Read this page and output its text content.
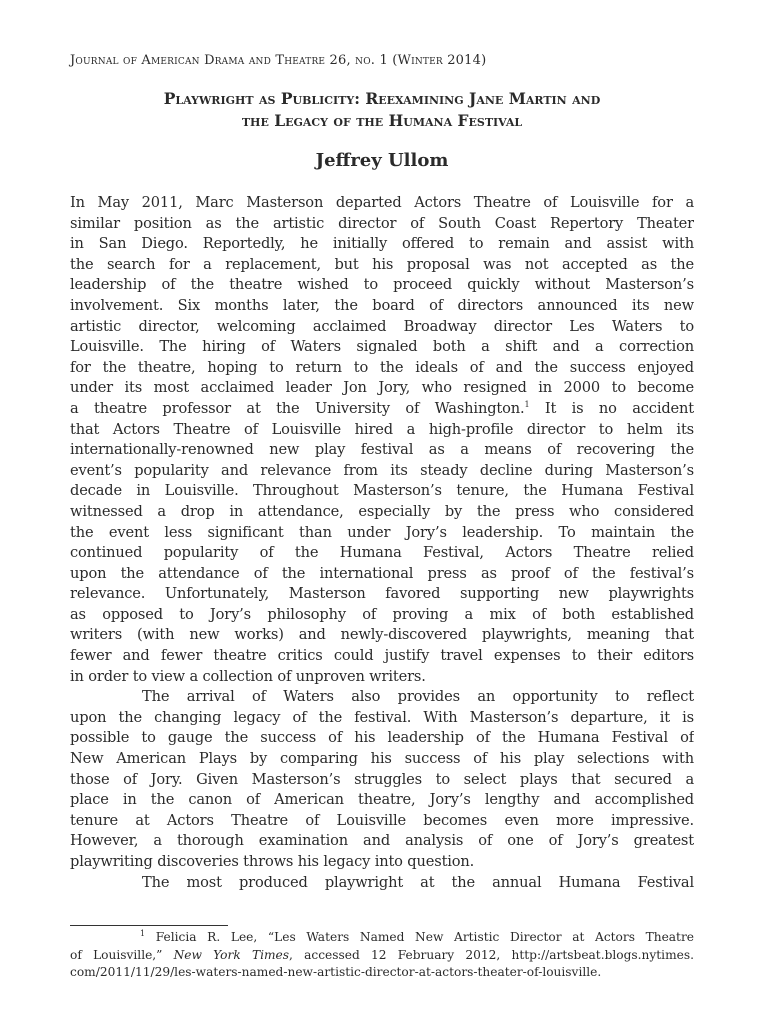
Journal of American Drama and Theatre 26, no. 1 (Winter 2014)
Playwright as Publicity: Reexamining Jane Martin and
the Legacy of the Humana Festival
Jeffrey Ullom
In May 2011, Marc Masterson departed Actors Theatre of Louisville for a
similar position as the artistic director of South Coast Repertory Theater
in San Diego. Reportedly, he initially offered to remain and assist with
the search for a replacement, but his proposal was not accepted as the
leadership of the theatre wished to proceed quickly without Masterson’s
involvement. Six months later, the board of directors announced its new
artistic director, welcoming acclaimed Broadway director Les Waters to
Louisville. The hiring of Waters signaled both a shift and a correction
for the theatre, hoping to return to the ideals of and the success enjoyed
under its most acclaimed leader Jon Jory, who resigned in 2000 to become
a theatre professor at the University of Washington.$^1$ It is no accident
that Actors Theatre of Louisville hired a high-profile director to helm its
internationally-renowned new play festival as a means of recovering the
event’s popularity and relevance from its steady decline during Masterson’s
decade in Louisville. Throughout Masterson’s tenure, the Humana Festival
witnessed a drop in attendance, especially by the press who considered
the event less significant than under Jory’s leadership. To maintain the
continued popularity of the Humana Festival, Actors Theatre relied
upon the attendance of the international press as proof of the festival’s
relevance. Unfortunately, Masterson favored supporting new playwrights
as opposed to Jory’s philosophy of proving a mix of both established
writers (with new works) and newly-discovered playwrights, meaning that
fewer and fewer theatre critics could justify travel expenses to their editors
in order to view a collection of unproven writers.
The arrival of Waters also provides an opportunity to reflect
upon the changing legacy of the festival. With Masterson’s departure, it is
possible to gauge the success of his leadership of the Humana Festival of
New American Plays by comparing his success of his play selections with
those of Jory. Given Masterson’s struggles to select plays that secured a
place in the canon of American theatre, Jory’s lengthy and accomplished
tenure at Actors Theatre of Louisville becomes even more impressive.
However, a thorough examination and analysis of one of Jory’s greatest
playwriting discoveries throws his legacy into question.
The most produced playwright at the annual Humana Festival
$^1$ Felicia R. Lee, “Les Waters Named New Artistic Director at Actors Theatre
of Louisville,” New York Times, accessed 12 February 2012, http://artsbeat.blogs.nytimes.
com/2011/11/29/les-waters-named-new-artistic-director-at-actors-theater-of-louisville.
